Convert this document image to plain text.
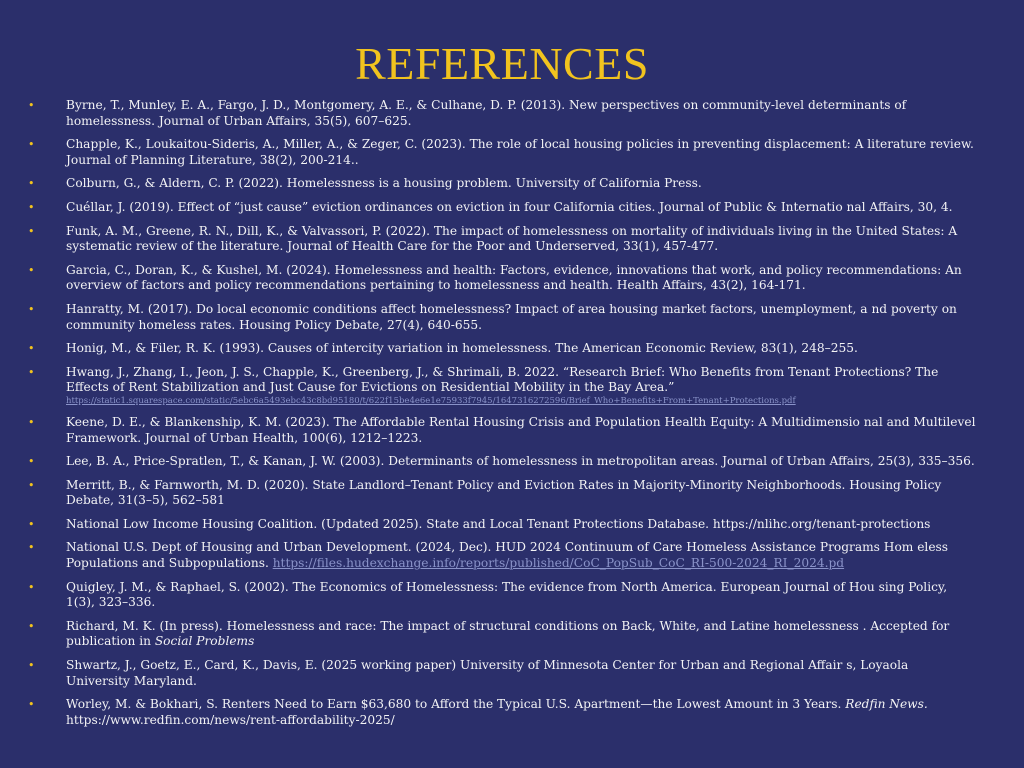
REFERENCES
•	Byrne, T., Munley, E. A., Fargo, J. D., Montgomery, A. E., & Culhane, D. P. (2013). New perspectives on community-level determinants of homelessness. Journal of Urban Affairs, 35(5), 607–625.
•	Chapple, K., Loukaitou-Sideris, A., Miller, A., & Zeger, C. (2023). The role of local housing policies in preventing displacement: A literature review. Journal of Planning Literature, 38(2), 200-214..
•	Colburn, G., & Aldern, C. P. (2022). Homelessness is a housing problem. University of California Press.
•	Cuéllar, J. (2019). Effect of “just cause” eviction ordinances on eviction in four California cities. Journal of Public & Internatio nal Affairs, 30, 4.
•	Funk, A. M., Greene, R. N., Dill, K., & Valvassori, P. (2022). The impact of homelessness on mortality of individuals living in the United States: A systematic review of the literature. Journal of Health Care for the Poor and Underserved, 33(1), 457-477.
•	Garcia, C., Doran, K., & Kushel, M. (2024). Homelessness and health: Factors, evidence, innovations that work, and policy recommendations: An overview of factors and policy recommendations pertaining to homelessness and health. Health Affairs, 43(2), 164-171.
•	Hanratty, M. (2017). Do local economic conditions affect homelessness? Impact of area housing market factors, unemployment, a nd poverty on community homeless rates. Housing Policy Debate, 27(4), 640-655.
•	Honig, M., & Filer, R. K. (1993). Causes of intercity variation in homelessness. The American Economic Review, 83(1), 248–255.
•	Hwang, J., Zhang, I., Jeon, J. S., Chapple, K., Greenberg, J., & Shrimali, B. 2022. “Research Brief: Who Benefits from Tenant Protections? The Effects of Rent Stabilization and Just Cause for Evictions on Residential Mobility in the Bay Area.”
https://static1.squarespace.com/static/5ebc6a5493ebc43c8bd95180/t/622f15be4e6e1e75933f7945/1647316272596/Brief_Who+Benefits+From+Tenant+Protections.pdf
•	Keene, D. E., & Blankenship, K. M. (2023). The Affordable Rental Housing Crisis and Population Health Equity: A Multidimensio nal and Multilevel Framework. Journal of Urban Health, 100(6), 1212–1223.
•	Lee, B. A., Price-Spratlen, T., & Kanan, J. W. (2003). Determinants of homelessness in metropolitan areas. Journal of Urban Affairs, 25(3), 335–356.
•	Merritt, B., & Farnworth, M. D. (2020). State Landlord–Tenant Policy and Eviction Rates in Majority-Minority Neighborhoods. Housing Policy Debate, 31(3–5), 562–581
•	National Low Income Housing Coalition. (Updated 2025). State and Local Tenant Protections Database. https://nlihc.org/tenant-protections
•	National U.S. Dept of Housing and Urban Development. (2024, Dec). HUD 2024 Continuum of Care Homeless Assistance Programs Hom eless Populations and Subpopulations. https://files.hudexchange.info/reports/published/CoC_PopSub_CoC_RI-500-2024_RI_2024.pd
•	Quigley, J. M., & Raphael, S. (2002). The Economics of Homelessness: The evidence from North America. European Journal of Hou sing Policy, 1(3), 323–336.
•	Richard, M. K. (In press). Homelessness and race: The impact of structural conditions on Back, White, and Latine homelessness . Accepted for publication in Social Problems
•	Shwartz, J., Goetz, E., Card, K., Davis, E. (2025 working paper) University of Minnesota Center for Urban and Regional Affair s, Loyaola University Maryland.
•	Worley, M. & Bokhari, S. Renters Need to Earn $63,680 to Afford the Typical U.S. Apartment—the Lowest Amount in 3 Years. Redfin News. https://www.redfin.com/news/rent-affordability-2025/
